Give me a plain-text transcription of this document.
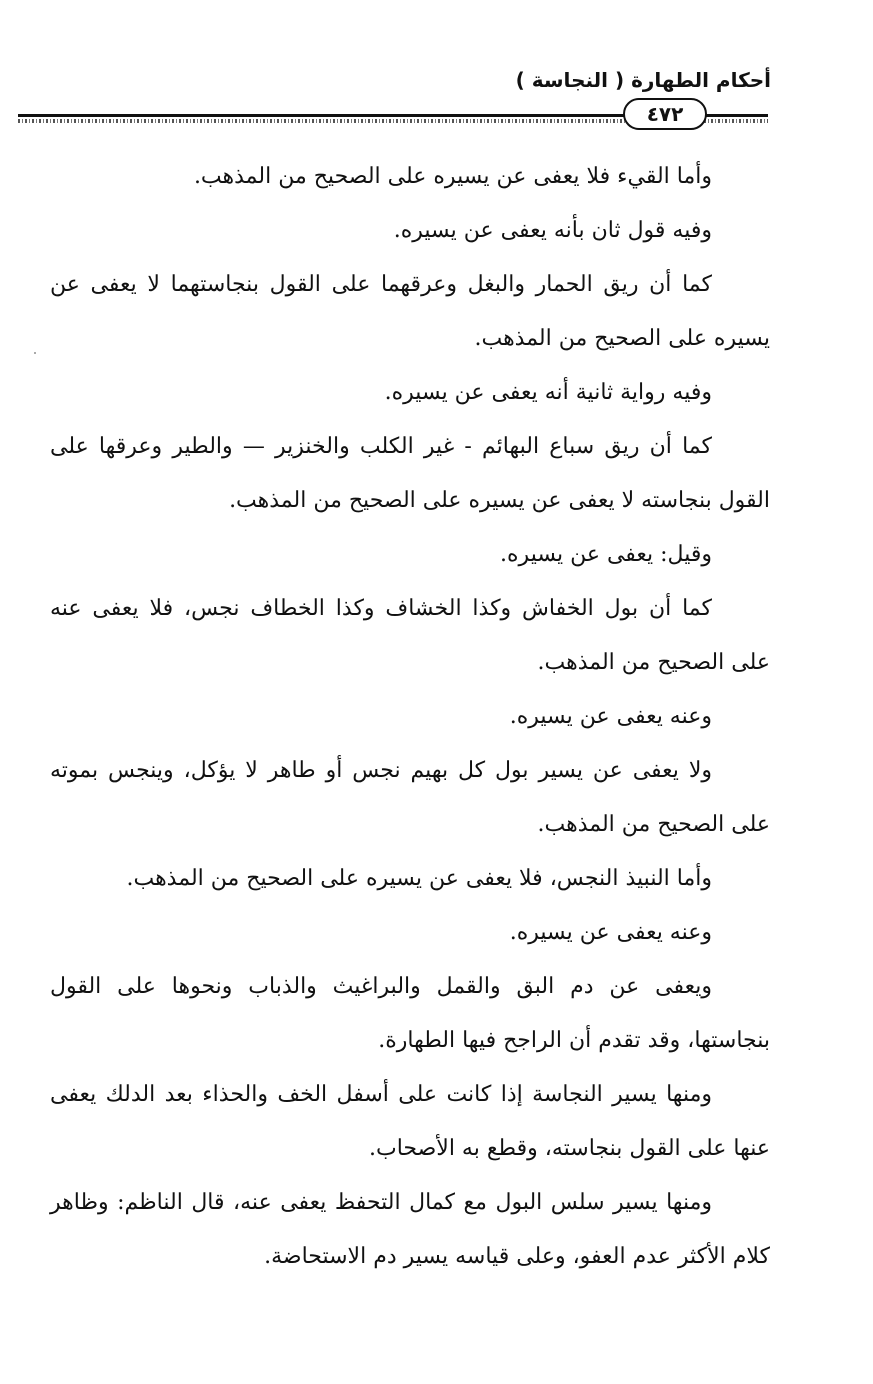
أحكام الطهارة ( النجاسة )
٤٧٢

وأما القيء فلا يعفى عن يسيره على الصحيح من المذهب.

وفيه قول ثان بأنه يعفى عن يسيره.

كما أن ريق الحمار والبغل وعرقهما على القول بنجاستهما لا يعفى عن يسيره على الصحيح من المذهب.

وفيه رواية ثانية أنه يعفى عن يسيره.

كما أن ريق سباع البهائم - غير الكلب والخنزير — والطير وعرقها على القول بنجاسته لا يعفى عن يسيره على الصحيح من المذهب.

وقيل: يعفى عن يسيره.

كما أن بول الخفاش وكذا الخشاف وكذا الخطاف نجس، فلا يعفى عنه على الصحيح من المذهب.

وعنه يعفى عن يسيره.

ولا يعفى عن يسير بول كل بهيم نجس أو طاهر لا يؤكل، وينجس بموته على الصحيح من المذهب.

وأما النبيذ النجس، فلا يعفى عن يسيره على الصحيح من المذهب.

وعنه يعفى عن يسيره.

ويعفى عن دم البق والقمل والبراغيث والذباب ونحوها على القول بنجاستها، وقد تقدم أن الراجح فيها الطهارة.

ومنها يسير النجاسة إذا كانت على أسفل الخف والحذاء بعد الدلك يعفى عنها على القول بنجاسته، وقطع به الأصحاب.

ومنها يسير سلس البول مع كمال التحفظ يعفى عنه، قال الناظم: وظاهر كلام الأكثر عدم العفو، وعلى قياسه يسير دم الاستحاضة.
